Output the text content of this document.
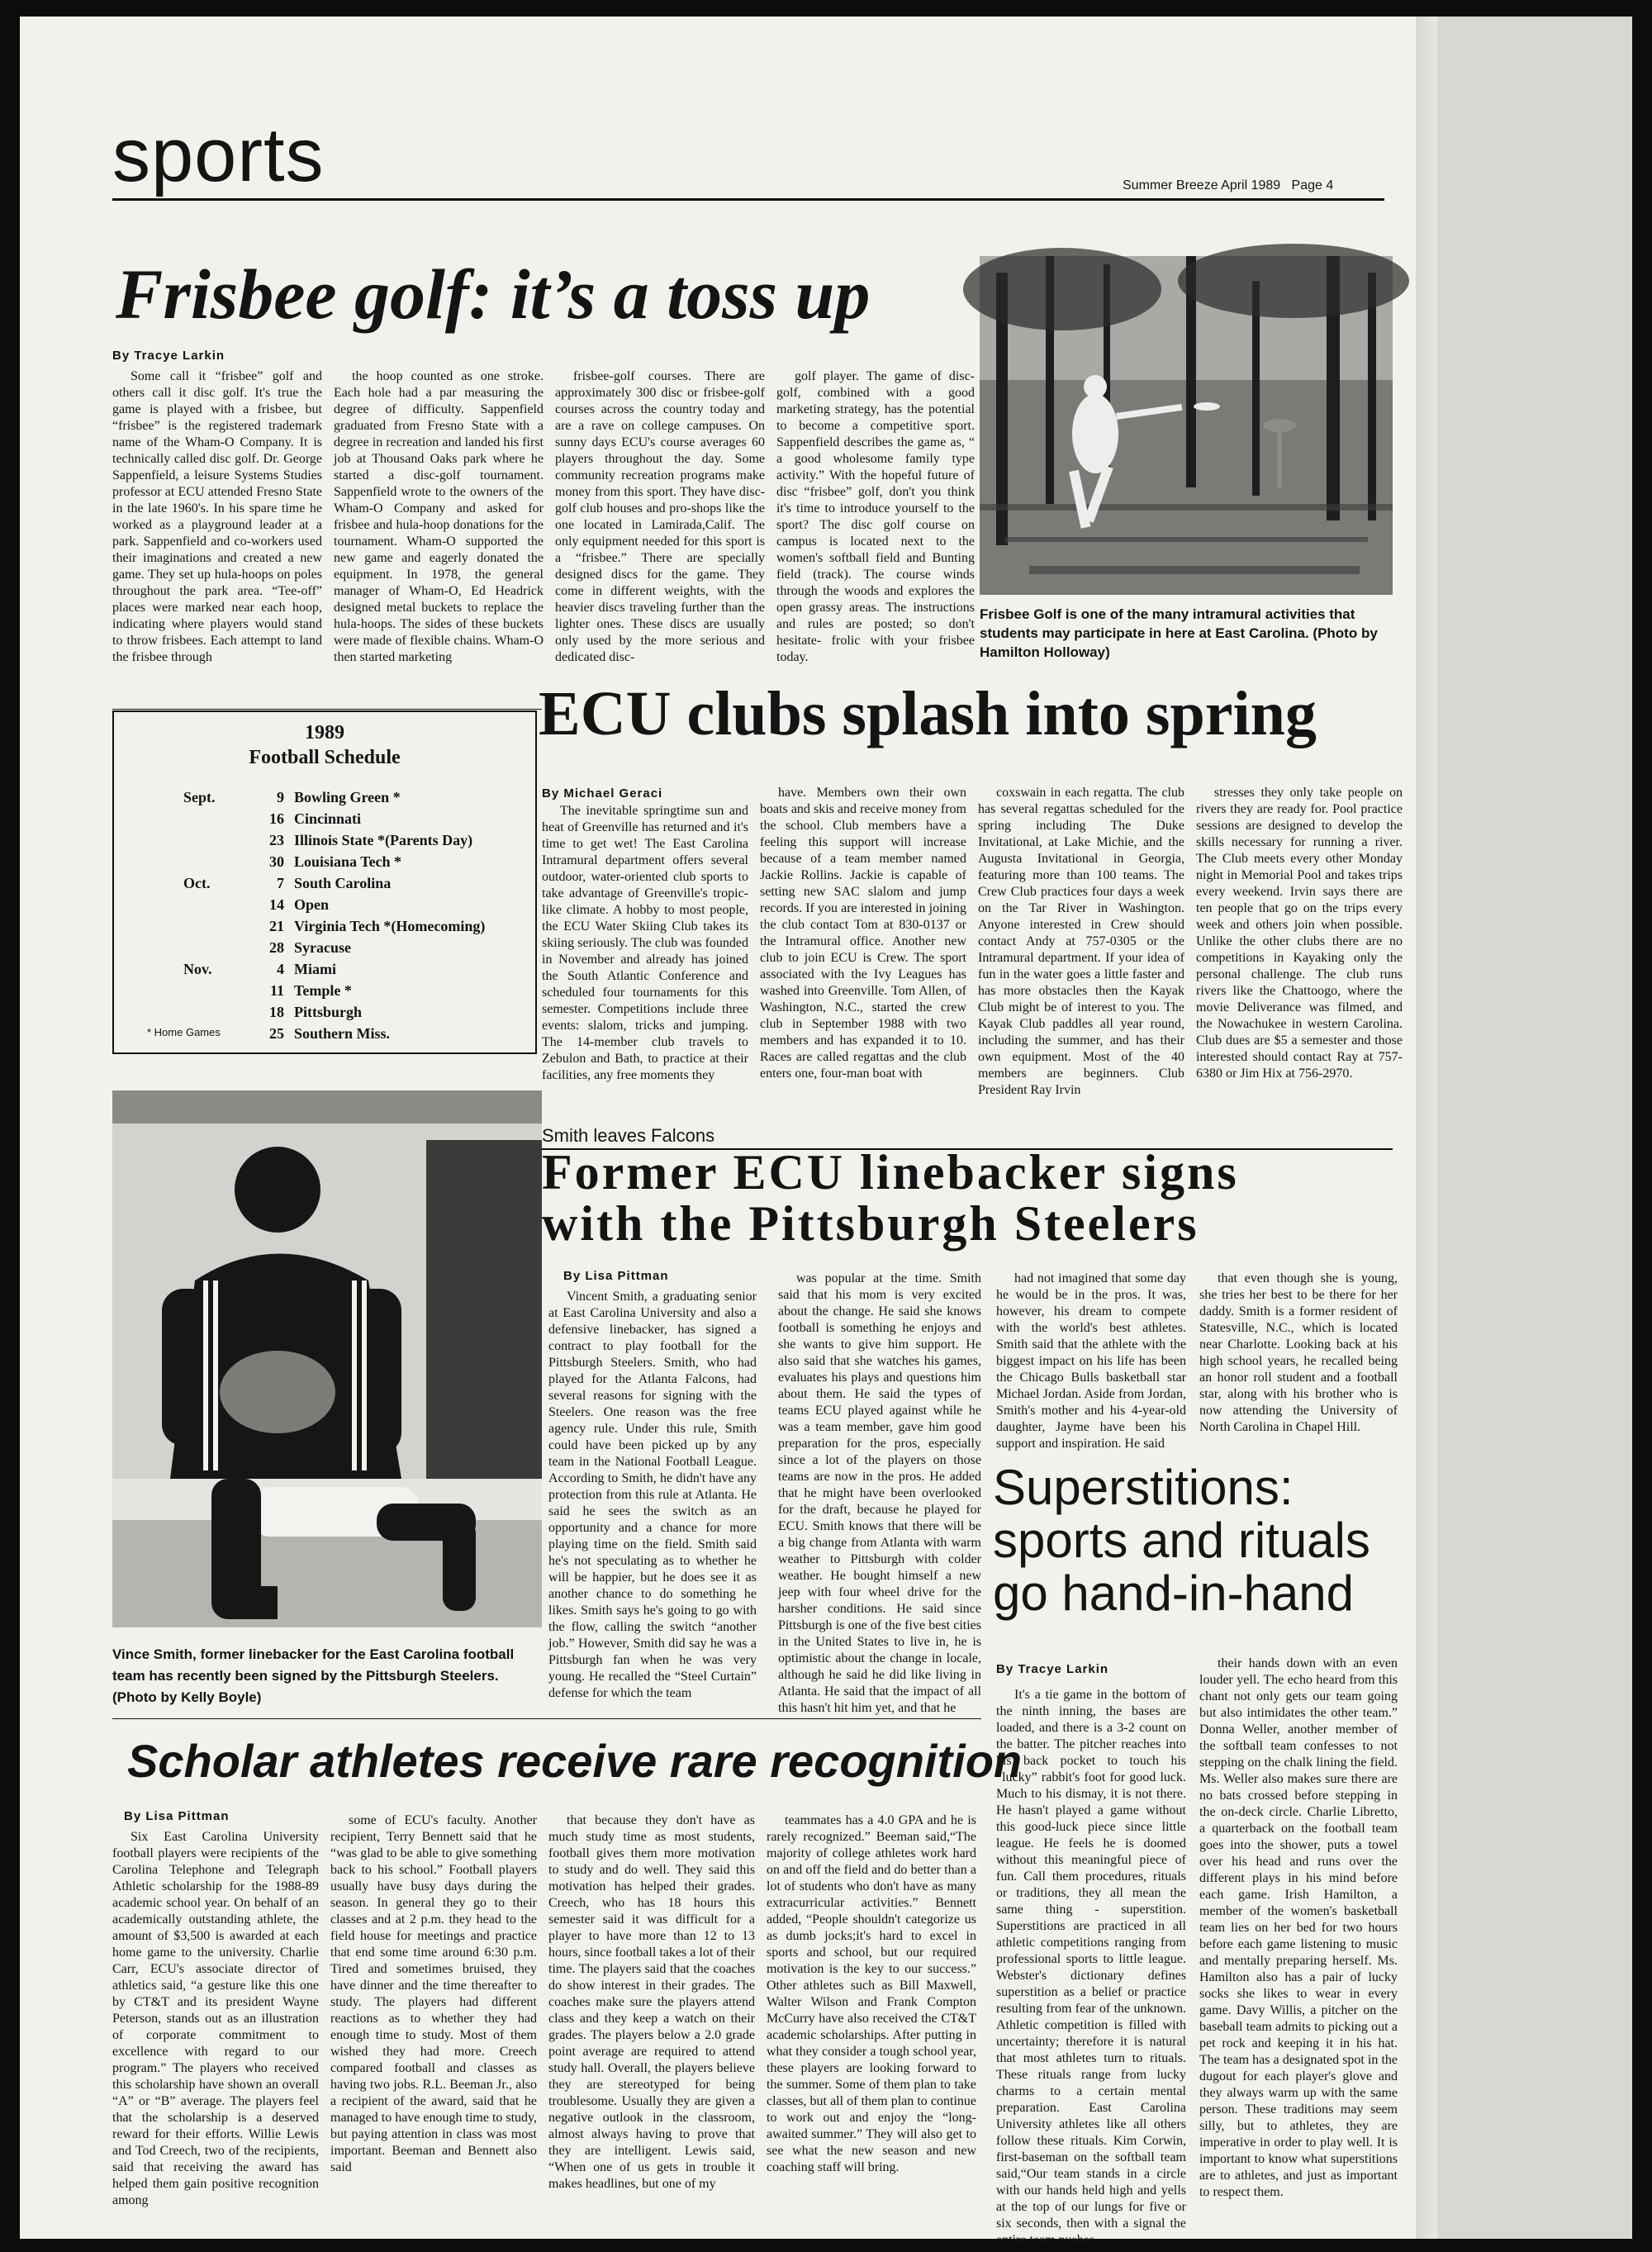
sports	Summer Breeze April 1989 Page 4
Frisbee golf: it’s a toss up
By Tracye Larkin

Some call it “frisbee” golf and others call it disc golf. It's true the game is played with a frisbee, but “frisbee” is the registered trademark name of the Wham-O Company. It is technically called disc golf. Dr. George Sappenfield, a leisure Systems Studies professor at ECU attended Fresno State in the late 1960's. In his spare time he worked as a playground leader at a park. Sappenfield and co-workers used their imaginations and created a new game. They set up hula-hoops on poles throughout the park area. “Tee-off” places were marked near each hoop, indicating where players would stand to throw frisbees. Each attempt to land the frisbee through

the hoop counted as one stroke. Each hole had a par measuring the degree of difficulty. Sappenfield graduated from Fresno State with a degree in recreation and landed his first job at Thousand Oaks park where he started a disc-golf tournament. Sappenfield wrote to the owners of the Wham-O Company and asked for frisbee and hula-hoop donations for the tournament. Wham-O supported the new game and eagerly donated the equipment. In 1978, the general manager of Wham-O, Ed Headrick designed metal buckets to replace the hula-hoops. The sides of these buckets were made of flexible chains. Wham-O then started marketing

frisbee-golf courses. There are approximately 300 disc or frisbee-golf courses across the country today and are a rave on college campuses. On sunny days ECU's course averages 60 players throughout the day. Some community recreation programs make money from this sport. They have disc-golf club houses and pro-shops like the one located in Lamirada,Calif. The only equipment needed for this sport is a “frisbee.” There are specially designed discs for the game. They come in different weights, with the heavier discs traveling further than the lighter ones. These discs are usually only used by the more serious and dedicated disc-

golf player. The game of disc-golf, combined with a good marketing strategy, has the potential to become a competitive sport. Sappenfield describes the game as, “ a good wholesome family type activity.” With the hopeful future of disc “frisbee” golf, don't you think it's time to introduce yourself to the sport? The disc golf course on campus is located next to the women's softball field and Bunting field (track). The course winds through the woods and explores the open grassy areas. The instructions and rules are posted; so don't hesitate- frolic with your frisbee today.

Frisbee Golf is one of the many intramural activities that students may participate in here at East Carolina. (Photo by Hamilton Holloway)
1989
Football Schedule
Sept.	9	Bowling Green *
	16	Cincinnati
	23	Illinois State *(Parents Day)
	30	Louisiana Tech *
Oct.	7	South Carolina
	14	Open
	21	Virginia Tech *(Homecoming)
	28	Syracuse
Nov.	4	Miami
	11	Temple *
	18	Pittsburgh
	25	Southern Miss.
* Home Games
ECU clubs splash into spring
By Michael Geraci

The inevitable springtime sun and heat of Greenville has returned and it's time to get wet! The East Carolina Intramural department offers several outdoor, water-oriented club sports to take advantage of Greenville's tropic-like climate. A hobby to most people, the ECU Water Skiing Club takes its skiing seriously. The club was founded in November and already has joined the South Atlantic Conference and scheduled four tournaments for this semester. Competitions include three events: slalom, tricks and jumping. The 14-member club travels to Zebulon and Bath, to practice at their facilities, any free moments they

have. Members own their own boats and skis and receive money from the school. Club members have a feeling this support will increase because of a team member named Jackie Rollins. Jackie is capable of setting new SAC slalom and jump records. If you are interested in joining the club contact Tom at 830-0137 or the Intramural office. Another new club to join ECU is Crew. The sport associated with the Ivy Leagues has washed into Greenville. Tom Allen, of Washington, N.C., started the crew club in September 1988 with two members and has expanded it to 10. Races are called regattas and the club enters one, four-man boat with

coxswain in each regatta. The club has several regattas scheduled for the spring including The Duke Invitational, at Lake Michie, and the Augusta Invitational in Georgia, featuring more than 100 teams. The Crew Club practices four days a week on the Tar River in Washington. Anyone interested in Crew should contact Andy at 757-0305 or the Intramural department. If your idea of fun in the water goes a little faster and has more obstacles then the Kayak Club might be of interest to you. The Kayak Club paddles all year round, including the summer, and has their own equipment. Most of the 40 members are beginners. Club President Ray Irvin

stresses they only take people on rivers they are ready for. Pool practice sessions are designed to develop the skills necessary for running a river. The Club meets every other Monday night in Memorial Pool and takes trips every weekend. Irvin says there are ten people that go on the trips every week and others join when possible. Unlike the other clubs there are no competitions in Kayaking only the personal challenge. The club runs rivers like the Chattoogo, where the movie Deliverance was filmed, and the Nowachukee in western Carolina. Club dues are $5 a semester and those interested should contact Ray at 757-6380 or Jim Hix at 756-2970.

Vince Smith, former linebacker for the East Carolina football team has recently been signed by the Pittsburgh Steelers. (Photo by Kelly Boyle)
Smith leaves Falcons
Former ECU linebacker signs
with the Pittsburgh Steelers
By Lisa Pittman

Vincent Smith, a graduating senior at East Carolina University and also a defensive linebacker, has signed a contract to play football for the Pittsburgh Steelers. Smith, who had played for the Atlanta Falcons, had several reasons for signing with the Steelers. One reason was the free agency rule. Under this rule, Smith could have been picked up by any team in the National Football League. According to Smith, he didn't have any protection from this rule at Atlanta. He said he sees the switch as an opportunity and a chance for more playing time on the field. Smith said he's not speculating as to whether he will be happier, but he does see it as another chance to do something he likes. Smith says he's going to go with the flow, calling the switch “another job.” However, Smith did say he was a Pittsburgh fan when he was very young. He recalled the “Steel Curtain” defense for which the team

was popular at the time. Smith said that his mom is very excited about the change. He said she knows football is something he enjoys and she wants to give him support. He also said that she watches his games, evaluates his plays and questions him about them. He said the types of teams ECU played against while he was a team member, gave him good preparation for the pros, especially since a lot of the players on those teams are now in the pros. He added that he might have been overlooked for the draft, because he played for ECU. Smith knows that there will be a big change from Atlanta with warm weather to Pittsburgh with colder weather. He bought himself a new jeep with four wheel drive for the harsher conditions. He said since Pittsburgh is one of the five best cities in the United States to live in, he is optimistic about the change in locale, although he said he did like living in Atlanta. He said that the impact of all this hasn't hit him yet, and that he

had not imagined that some day he would be in the pros. It was, however, his dream to compete with the world's best athletes. Smith said that the athlete with the biggest impact on his life has been the Chicago Bulls basketball star Michael Jordan. Aside from Jordan, Smith's mother and his 4-year-old daughter, Jayme have been his support and inspiration. He said

that even though she is young, she tries her best to be there for her daddy. Smith is a former resident of Statesville, N.C., which is located near Charlotte. Looking back at his high school years, he recalled being an honor roll student and a football star, along with his brother who is now attending the University of North Carolina in Chapel Hill.

Superstitions:
sports and rituals
go hand-in-hand
By Tracye Larkin

It's a tie game in the bottom of the ninth inning, the bases are loaded, and there is a 3-2 count on the batter. The pitcher reaches into his back pocket to touch his “lucky” rabbit's foot for good luck. Much to his dismay, it is not there. He hasn't played a game without this good-luck piece since little league. He feels he is doomed without this meaningful piece of fun. Call them procedures, rituals or traditions, they all mean the same thing - superstition. Superstitions are practiced in all athletic competitions ranging from professional sports to little league. Webster's dictionary defines superstition as a belief or practice resulting from fear of the unknown. Athletic competition is filled with uncertainty; therefore it is natural that most athletes turn to rituals. These rituals range from lucky charms to a certain mental preparation. East Carolina University athletes like all others follow these rituals. Kim Corwin, first-baseman on the softball team said,“Our team stands in a circle with our hands held high and yells at the top of our lungs for five or six seconds, then with a signal the entire team pushes

their hands down with an even louder yell. The echo heard from this chant not only gets our team going but also intimidates the other team.” Donna Weller, another member of the softball team confesses to not stepping on the chalk lining the field. Ms. Weller also makes sure there are no bats crossed before stepping in the on-deck circle. Charlie Libretto, a quarterback on the football team goes into the shower, puts a towel over his head and runs over the different plays in his mind before each game. Irish Hamilton, a member of the women's basketball team lies on her bed for two hours before each game listening to music and mentally preparing herself. Ms. Hamilton also has a pair of lucky socks she likes to wear in every game. Davy Willis, a pitcher on the baseball team admits to picking out a pet rock and keeping it in his hat. The team has a designated spot in the dugout for each player's glove and they always warm up with the same person. These traditions may seem silly, but to athletes, they are imperative in order to play well. It is important to know what superstitions are to athletes, and just as important to respect them.

Scholar athletes receive rare recognition
By Lisa Pittman

Six East Carolina University football players were recipients of the Carolina Telephone and Telegraph Athletic scholarship for the 1988-89 academic school year. On behalf of an academically outstanding athlete, the amount of $3,500 is awarded at each home game to the university. Charlie Carr, ECU's associate director of athletics said, “a gesture like this one by CT&T and its president Wayne Peterson, stands out as an illustration of corporate commitment to excellence with regard to our program.” The players who received this scholarship have shown an overall “A” or “B” average. The players feel that the scholarship is a deserved reward for their efforts. Willie Lewis and Tod Creech, two of the recipients, said that receiving the award has helped them gain positive recognition among

some of ECU's faculty. Another recipient, Terry Bennett said that he “was glad to be able to give something back to his school.” Football players usually have busy days during the season. In general they go to their classes and at 2 p.m. they head to the field house for meetings and practice that end some time around 6:30 p.m. Tired and sometimes bruised, they have dinner and the time thereafter to study. The players had different reactions as to whether they had enough time to study. Most of them wished they had more. Creech compared football and classes as having two jobs. R.L. Beeman Jr., also a recipient of the award, said that he managed to have enough time to study, but paying attention in class was most important. Beeman and Bennett also said

that because they don't have as much study time as most students, football gives them more motivation to study and do well. They said this motivation has helped their grades. Creech, who has 18 hours this semester said it was difficult for a player to have more than 12 to 13 hours, since football takes a lot of their time. The players said that the coaches do show interest in their grades. The coaches make sure the players attend class and they keep a watch on their grades. The players below a 2.0 grade point average are required to attend study hall. Overall, the players believe they are stereotyped for being troublesome. Usually they are given a negative outlook in the classroom, almost always having to prove that they are intelligent. Lewis said, “When one of us gets in trouble it makes headlines, but one of my

teammates has a 4.0 GPA and he is rarely recognized.” Beeman said,“The majority of college athletes work hard on and off the field and do better than a lot of students who don't have as many extracurricular activities.” Bennett added, “People shouldn't categorize us as dumb jocks;it's hard to excel in sports and school, but our required motivation is the key to our success.” Other athletes such as Bill Maxwell, Walter Wilson and Frank Compton McCurry have also received the CT&T academic scholarships. After putting in what they consider a tough school year, these players are looking forward to the summer. Some of them plan to take classes, but all of them plan to continue to work out and enjoy the “long-awaited summer.” They will also get to see what the new season and new coaching staff will bring.
